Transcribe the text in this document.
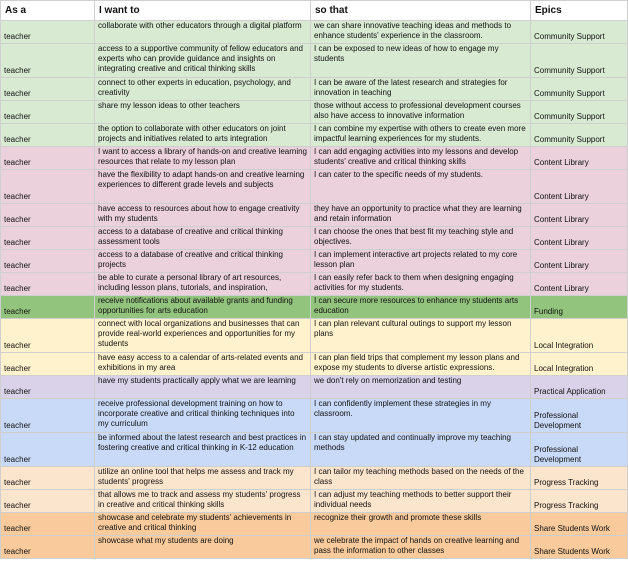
As a	I want to	so that	Epics
teacher	collaborate with other educators through a digital platform	we can share innovative teaching ideas and methods to enhance students' experience in the classroom.	Community Support
teacher	access to a supportive community of fellow educators and experts who can provide guidance and insights on integrating creative and critical thinking skills	I can be exposed to new ideas of how to engage my students	Community Support
teacher	connect to other experts in education, psychology, and creativity	I can be aware of the latest research and strategies for innovation in teaching	Community Support
teacher	share my lesson ideas to other teachers	those without access to professional development courses also have access to innovative information	Community Support
teacher	the option to collaborate with other educators on joint projects and initiatives related to arts integration	I can combine my expertise with others to create even more impactful learning experiences for my students.	Community Support
teacher	I want to access a library of hands-on and creative learning resources that relate to my lesson plan	I can add engaging activities into my lessons and develop students' creative and critical thinking skills	Content Library
teacher	have the flexibility to adapt hands-on and creative learning experiences to different grade levels and subjects	I can cater to the specific needs of my students.	Content Library
teacher	have access to resources about how to engage creativity with my students	they have an opportunity to practice what they are learning and retain information	Content Library
teacher	access to a database of creative and critical thinking assessment tools	I can choose the ones that best fit my teaching style and objectives.	Content Library
teacher	access to a database of creative and critical thinking projects	I can implement interactive art projects related to my core lesson plan	Content Library
teacher	be able to curate a personal library of art resources, including lesson plans, tutorials, and inspiration,	I can easily refer back to them when designing engaging activities for my students.	Content Library
teacher	receive notifications about available grants and funding opportunities for arts education	I can secure more resources to enhance my students arts education	Funding
teacher	connect with local organizations and businesses that can provide real-world experiences and opportunities for my students	I can plan relevant cultural outings to support my lesson plans	Local Integration
teacher	have easy access to a calendar of arts-related events and exhibitions in my area	I can plan field trips that complement my lesson plans and expose my students to diverse artistic expressions.	Local Integration
teacher	have my students practically apply what we are learning	we don't rely on memorization and testing	Practical Application
teacher	receive professional development training on how to incorporate creative and critical thinking techniques into my curriculum	I can confidently implement these strategies in my classroom.	Professional Development
teacher	be informed about the latest research and best practices in fostering creative and critical thinking in K-12 education	I can stay updated and continually improve my teaching methods	Professional Development
teacher	utilize an online tool that helps me assess and track my students' progress	I can tailor my teaching methods based on the needs of the class	Progress Tracking
teacher	that allows me to track and assess my students' progress in creative and critical thinking skills	I can adjust my teaching methods to better support their individual needs	Progress Tracking
teacher	showcase and celebrate my students' achievements in creative and critical thinking	recognize their growth and promote these skills	Share Students Work
teacher	showcase what my students are doing	we celebrate the impact of hands on creative learning and pass the information to other classes	Share Students Work
